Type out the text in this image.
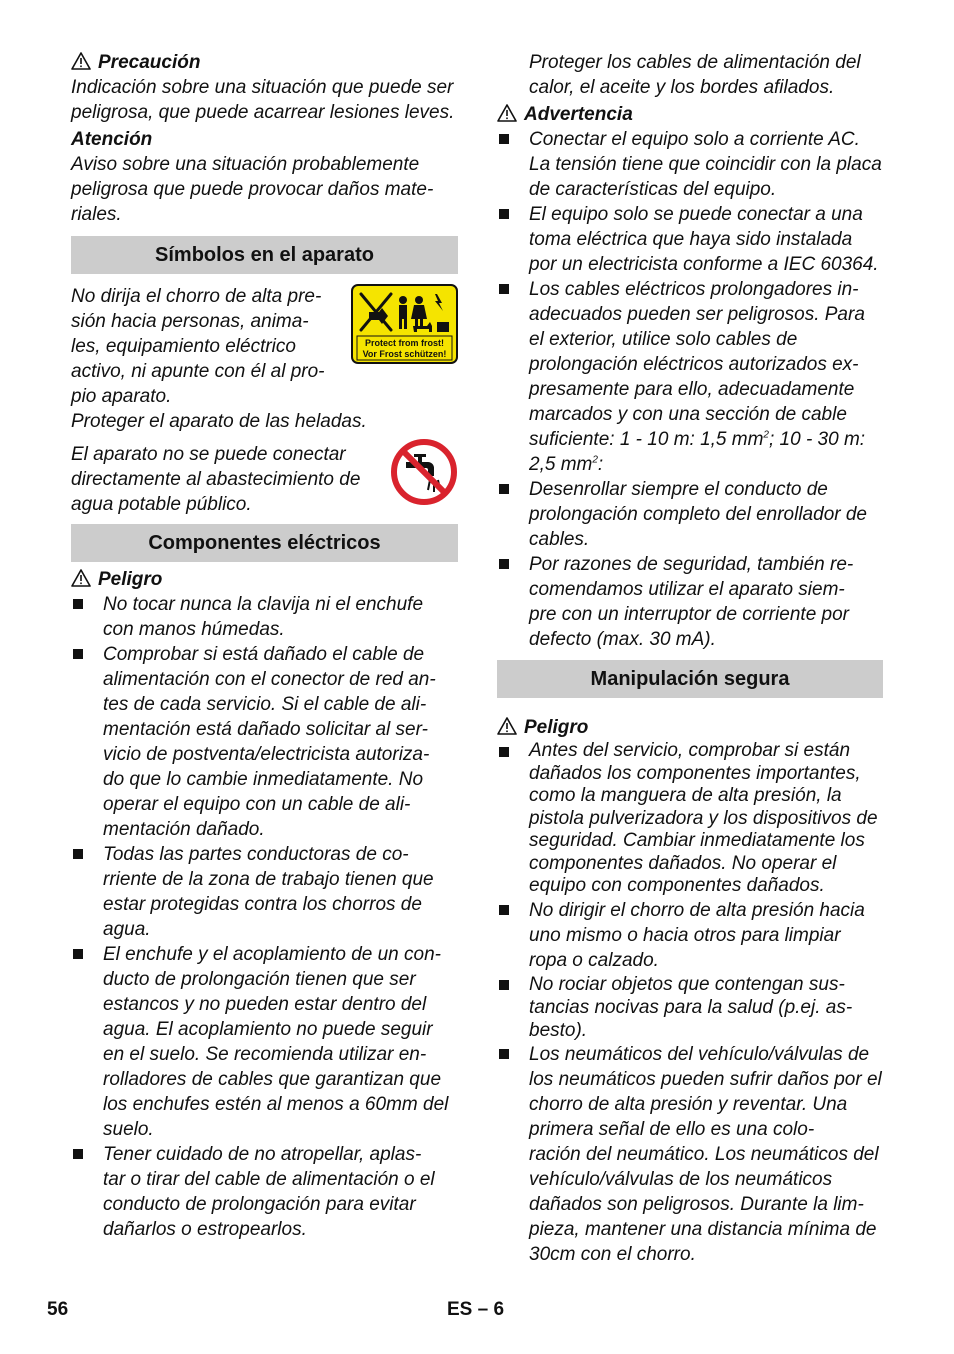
Precaución

Indicación sobre una situación que puede ser peligrosa, que puede acarrear lesiones leves.

Atención

Aviso sobre una situación probablemente peligrosa que puede provocar daños mate-
riales.

Símbolos en el aparato

No dirija el chorro de alta pre-
sión hacia personas, anima-
les, equipamiento eléctrico
activo, ni apunte con él al pro-
pio aparato.

Protect from frost!
Vor Frost schützen!

Proteger el aparato de las heladas.

El aparato no se puede conectar directamente al abastecimiento de agua potable público.

Componentes eléctricos

Peligro

No tocar nunca la clavija ni el enchufe con manos húmedas.
Comprobar si está dañado el cable de alimentación con el conector de red an-
tes de cada servicio. Si el cable de ali-
mentación está dañado solicitar al ser-
vicio de postventa/electricista autoriza-
do que lo cambie inmediatamente. No operar el equipo con un cable de ali-
mentación dañado.
Todas las partes conductoras de co-
rriente de la zona de trabajo tienen que estar protegidas contra los chorros de agua.
El enchufe y el acoplamiento de un con-
ducto de prolongación tienen que ser estancos y no pueden estar dentro del agua. El acoplamiento no puede seguir en el suelo. Se recomienda utilizar en-
rolladores de cables que garantizan que los enchufes estén al menos a 60mm del suelo.
Tener cuidado de no atropellar, aplas-
tar o tirar del cable de alimentación o el conducto de prolongación para evitar dañarlos o estropearlos.
Proteger los cables de alimentación del calor, el aceite y los bordes afilados.

Advertencia

Conectar el equipo solo a corriente AC. La tensión tiene que coincidir con la placa de características del equipo.
El equipo solo se puede conectar a una toma eléctrica que haya sido instalada por un electricista conforme a IEC 60364.
Los cables eléctricos prolongadores in-
adecuados pueden ser peligrosos. Para el exterior, utilice solo cables de prolongación eléctricos autorizados ex-
presamente para ello, adecuadamente marcados y con una sección de cable suficiente: 1 - 10 m: 1,5 $mm^2$; 10 - 30 m: 2,5 $mm^2$:
Desenrollar siempre el conducto de prolongación completo del enrollador de cables.
Por razones de seguridad, también re-
comendamos utilizar el aparato siem-
pre con un interruptor de corriente por defecto (max. 30 mA).
Manipulación segura

Peligro

Antes del servicio, comprobar si están dañados los componentes importantes, como la manguera de alta presión, la pistola pulverizadora y los dispositivos de seguridad. Cambiar inmediatamente los componentes dañados. No operar el equipo con componentes dañados.
No dirigir el chorro de alta presión hacia uno mismo o hacia otros para limpiar ropa o calzado.
No rociar objetos que contengan sus-
tancias nocivas para la salud (p.ej. as-
besto).
Los neumáticos del vehículo/válvulas de los neumáticos pueden sufrir daños por el chorro de alta presión y reventar. Una primera señal de ello es una colo-
ración del neumático. Los neumáticos del vehículo/válvulas de los neumáticos dañados son peligrosos. Durante la lim-
pieza, mantener una distancia mínima de 30cm con el chorro.
56	ES – 6
